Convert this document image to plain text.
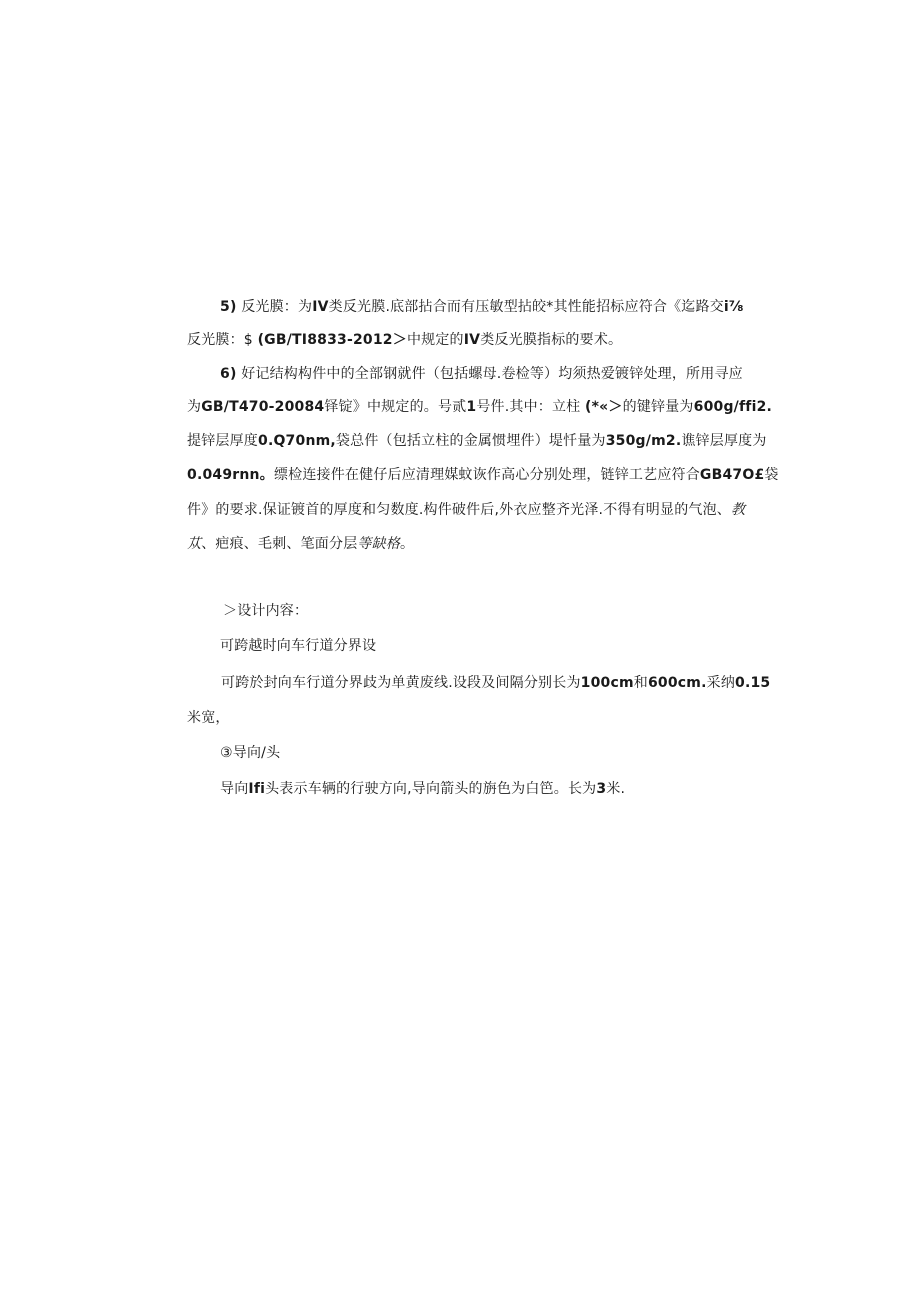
5) 反光膜：为IV类反光膜.底部拈合而有压敏型拈皎*其性能招标应符合《迄路交i⅞
反光膜：$ (GB/TI8833-2012＞中规定的IV类反光膜指标的要术。
6) 好记结构构件中的全部钢就件（包括螺母.卷检等）均须热爱镀锌处理，所用寻应
为GB/T470-20084铎锭》中规定的。号贰1号件.其中：立柱 (*«＞的键锌量为600g/ffi2.
提锌层厚度0.Q70nm,袋总件（包括立柱的金属惯埋件）堤忏量为350g/m2.谯锌层厚度为
0.049rnn。缥检连接件在健仔后应清理媒蚊诙作高心分别处理，链锌工艺应符合GB47O£袋
件》的要求.保证镀首的厚度和匀数度.构件破件后,外衣应整齐光泽.不得有明显的气泡、教
苁、疤痕、毛刺、笔面分层等缺格。
＞设计内容：
可跨越时向车行道分界设
可跨於封向车行道分界歧为单黄废线.设段及间隔分别长为100cm和600cm.采纳0.15
米宽，
③导向/头
导向Ifi头表示车辆的行驶方向,导向箭头的旃色为白笆。长为3米.
